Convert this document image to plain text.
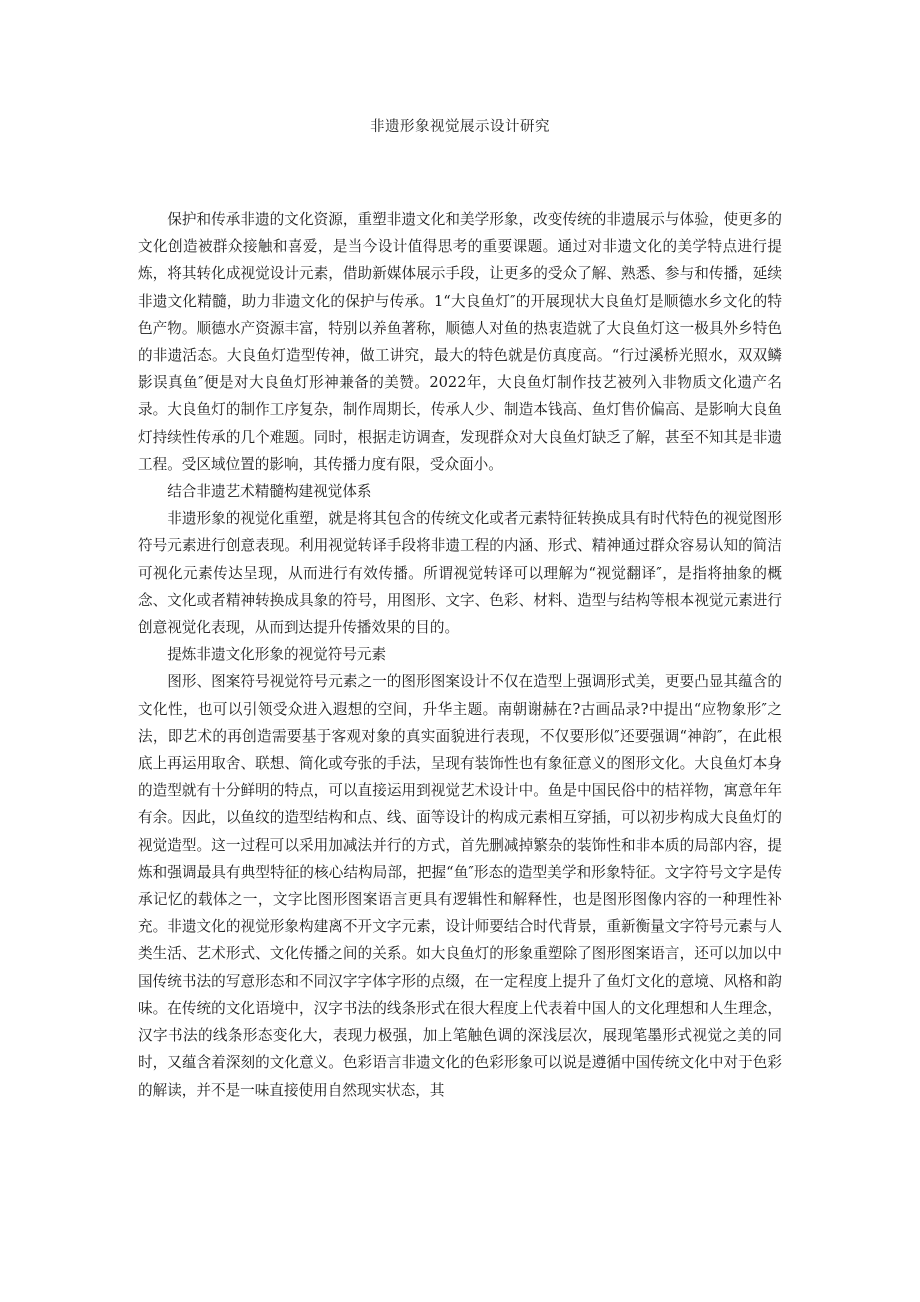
非遗形象视觉展示设计研究

保护和传承非遗的文化资源，重塑非遗文化和美学形象，改变传统的非遗展示与体验，使更多的文化创造被群众接触和喜爱，是当今设计值得思考的重要课题。通过对非遗文化的美学特点进行提炼，将其转化成视觉设计元素，借助新媒体展示手段，让更多的受众了解、熟悉、参与和传播，延续非遗文化精髓，助力非遗文化的保护与传承。1“大良鱼灯″的开展现状大良鱼灯是顺德水乡文化的特色产物。顺德水产资源丰富，特别以养鱼著称，顺德人对鱼的热衷造就了大良鱼灯这一极具外乡特色的非遗活态。大良鱼灯造型传神，做工讲究，最大的特色就是仿真度高。“行过溪桥光照水，双双鳞影误真鱼″便是对大良鱼灯形神兼备的美赞。2022年，大良鱼灯制作技艺被列入非物质文化遗产名录。大良鱼灯的制作工序复杂，制作周期长，传承人少、制造本钱高、鱼灯售价偏高、是影响大良鱼灯持续性传承的几个难题。同时，根据走访调查，发现群众对大良鱼灯缺乏了解，甚至不知其是非遗工程。受区域位置的影响，其传播力度有限，受众面小。

结合非遗艺术精髓构建视觉体系

非遗形象的视觉化重塑，就是将其包含的传统文化或者元素特征转换成具有时代特色的视觉图形符号元素进行创意表现。利用视觉转译手段将非遗工程的内涵、形式、精神通过群众容易认知的简洁可视化元素传达呈现，从而进行有效传播。所谓视觉转译可以理解为“视觉翻译″，是指将抽象的概念、文化或者精神转换成具象的符号，用图形、文字、色彩、材料、造型与结构等根本视觉元素进行创意视觉化表现，从而到达提升传播效果的目的。

提炼非遗文化形象的视觉符号元素

图形、图案符号视觉符号元素之一的图形图案设计不仅在造型上强调形式美，更要凸显其蕴含的文化性，也可以引领受众进入遐想的空间，升华主题。南朝谢赫在?古画品录?中提出“应物象形″之法，即艺术的再创造需要基于客观对象的真实面貌进行表现，不仅要形似″还要强调“神韵″，在此根底上再运用取舍、联想、简化或夸张的手法，呈现有装饰性也有象征意义的图形文化。大良鱼灯本身的造型就有十分鲜明的特点，可以直接运用到视觉艺术设计中。鱼是中国民俗中的桔祥物，寓意年年有余。因此，以鱼纹的造型结构和点、线、面等设计的构成元素相互穿插，可以初步构成大良鱼灯的视觉造型。这一过程可以采用加减法并行的方式，首先删减掉繁杂的装饰性和非本质的局部内容，提炼和强调最具有典型特征的核心结构局部，把握“鱼″形态的造型美学和形象特征。文字符号文字是传承记忆的载体之一，文字比图形图案语言更具有逻辑性和解释性，也是图形图像内容的一种理性补充。非遗文化的视觉形象构建离不开文字元素，设计师要结合时代背景，重新衡量文字符号元素与人类生活、艺术形式、文化传播之间的关系。如大良鱼灯的形象重塑除了图形图案语言，还可以加以中国传统书法的写意形态和不同汉字字体字形的点缀，在一定程度上提升了鱼灯文化的意境、风格和韵味。在传统的文化语境中，汉字书法的线条形式在很大程度上代表着中国人的文化理想和人生理念，汉字书法的线条形态变化大，表现力极强，加上笔触色调的深浅层次，展现笔墨形式视觉之美的同时，又蕴含着深刻的文化意义。色彩语言非遗文化的色彩形象可以说是遵循中国传统文化中对于色彩的解读，并不是一味直接使用自然现实状态，其
